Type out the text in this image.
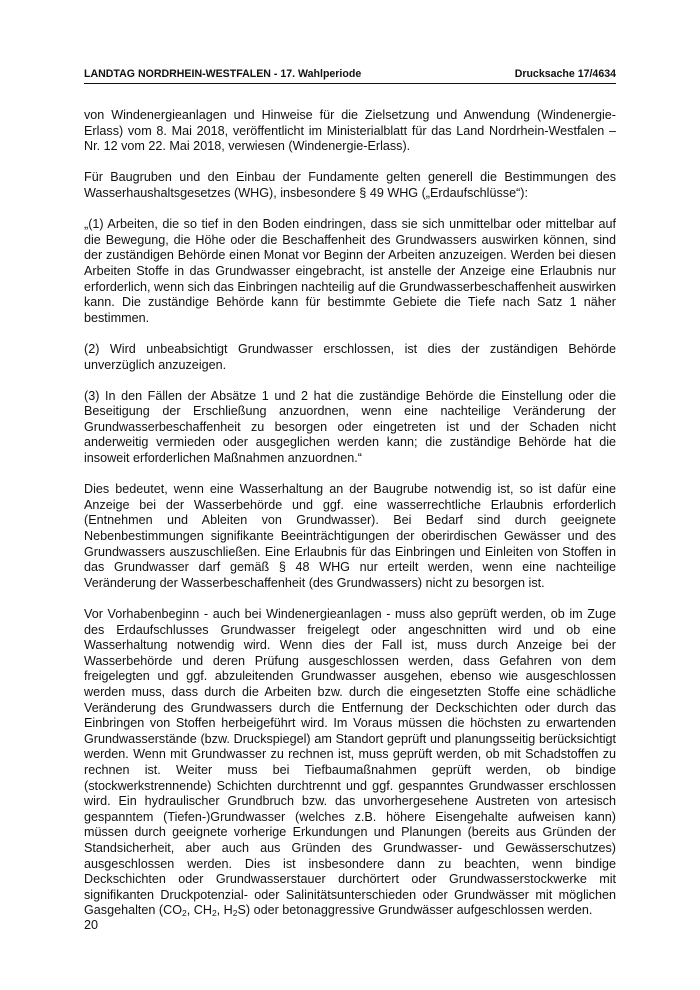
LANDTAG NORDRHEIN-WESTFALEN - 17. Wahlperiode	Drucksache 17/4634

von Windenergieanlagen und Hinweise für die Zielsetzung und Anwendung (Windenergie-Erlass) vom 8. Mai 2018, veröffentlicht im Ministerialblatt für das Land Nordrhein-Westfalen – Nr. 12 vom 22. Mai 2018, verwiesen (Windenergie-Erlass).

Für Baugruben und den Einbau der Fundamente gelten generell die Bestimmungen des Wasserhaushaltsgesetzes (WHG), insbesondere § 49 WHG („Erdaufschlüsse“):

„(1) Arbeiten, die so tief in den Boden eindringen, dass sie sich unmittelbar oder mittelbar auf die Bewegung, die Höhe oder die Beschaffenheit des Grundwassers auswirken können, sind der zuständigen Behörde einen Monat vor Beginn der Arbeiten anzuzeigen. Werden bei diesen Arbeiten Stoffe in das Grundwasser eingebracht, ist anstelle der Anzeige eine Erlaubnis nur erforderlich, wenn sich das Einbringen nachteilig auf die Grundwasserbeschaffenheit auswirken kann. Die zuständige Behörde kann für bestimmte Gebiete die Tiefe nach Satz 1 näher bestimmen.

(2) Wird unbeabsichtigt Grundwasser erschlossen, ist dies der zuständigen Behörde unverzüglich anzuzeigen.

(3) In den Fällen der Absätze 1 und 2 hat die zuständige Behörde die Einstellung oder die Beseitigung der Erschließung anzuordnen, wenn eine nachteilige Veränderung der Grundwasserbeschaffenheit zu besorgen oder eingetreten ist und der Schaden nicht anderweitig vermieden oder ausgeglichen werden kann; die zuständige Behörde hat die insoweit erforderlichen Maßnahmen anzuordnen.“

Dies bedeutet, wenn eine Wasserhaltung an der Baugrube notwendig ist, so ist dafür eine Anzeige bei der Wasserbehörde und ggf. eine wasserrechtliche Erlaubnis erforderlich (Entnehmen und Ableiten von Grundwasser). Bei Bedarf sind durch geeignete Nebenbestimmungen signifikante Beeinträchtigungen der oberirdischen Gewässer und des Grundwassers auszuschließen. Eine Erlaubnis für das Einbringen und Einleiten von Stoffen in das Grundwasser darf gemäß § 48 WHG nur erteilt werden, wenn eine nachteilige Veränderung der Wasserbeschaffenheit (des Grundwassers) nicht zu besorgen ist.

Vor Vorhabenbeginn - auch bei Windenergieanlagen - muss also geprüft werden, ob im Zuge des Erdaufschlusses Grundwasser freigelegt oder angeschnitten wird und ob eine Wasserhaltung notwendig wird. Wenn dies der Fall ist, muss durch Anzeige bei der Wasserbehörde und deren Prüfung ausgeschlossen werden, dass Gefahren von dem freigelegten und ggf. abzuleitenden Grundwasser ausgehen, ebenso wie ausgeschlossen werden muss, dass durch die Arbeiten bzw. durch die eingesetzten Stoffe eine schädliche Veränderung des Grundwassers durch die Entfernung der Deckschichten oder durch das Einbringen von Stoffen herbeigeführt wird. Im Voraus müssen die höchsten zu erwartenden Grundwasserstände (bzw. Druckspiegel) am Standort geprüft und planungsseitig berücksichtigt werden. Wenn mit Grundwasser zu rechnen ist, muss geprüft werden, ob mit Schadstoffen zu rechnen ist. Weiter muss bei Tiefbaumaßnahmen geprüft werden, ob bindige (stockwerkstrennende) Schichten durchtrennt und ggf. gespanntes Grundwasser erschlossen wird. Ein hydraulischer Grundbruch bzw. das unvorhergesehene Austreten von artesisch gespanntem (Tiefen-)Grundwasser (welches z.B. höhere Eisengehalte aufweisen kann) müssen durch geeignete vorherige Erkundungen und Planungen (bereits aus Gründen der Standsicherheit, aber auch aus Gründen des Grundwasser- und Gewässerschutzes) ausgeschlossen werden. Dies ist insbesondere dann zu beachten, wenn bindige Deckschichten oder Grundwasserstauer durchörtert oder Grundwasserstockwerke mit signifikanten Druckpotenzial- oder Salinitätsunterschieden oder Grundwässer mit möglichen Gasgehalten ($CO_2$, $CH_2$, $H_2S$) oder betonaggressive Grundwässer aufgeschlossen werden.

20
